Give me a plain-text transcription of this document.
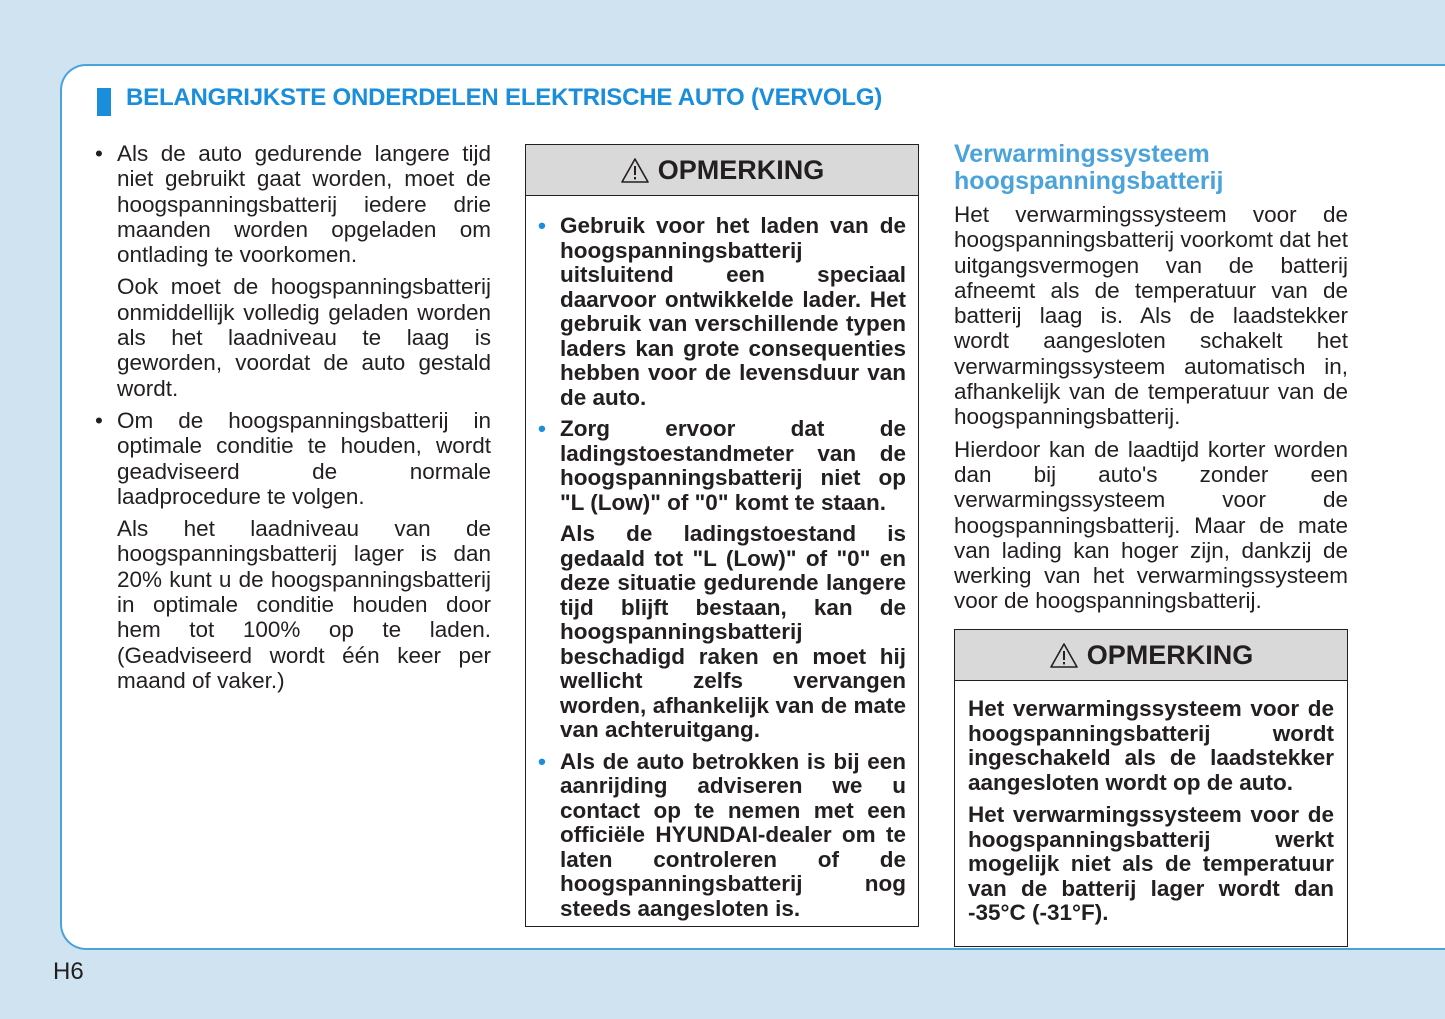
BELANGRIJKSTE ONDERDELEN ELEKTRISCHE AUTO (VERVOLG)

• Als de auto gedurende langere tijd niet gebruikt gaat worden, moet de hoogspanningsbatterij iedere drie maanden worden opgeladen om ontlading te voorkomen.

Ook moet de hoogspanningsbatterij onmiddellijk volledig geladen worden als het laadniveau te laag is geworden, voordat de auto gestald wordt.

• Om de hoogspanningsbatterij in optimale conditie te houden, wordt geadviseerd de normale laadprocedure te volgen.

Als het laadniveau van de hoogspanningsbatterij lager is dan 20% kunt u de hoogspanningsbatterij in optimale conditie houden door hem tot 100% op te laden. (Geadviseerd wordt één keer per maand of vaker.)

OPMERKING

• Gebruik voor het laden van de hoogspanningsbatterij uitsluitend een speciaal daarvoor ontwikkelde lader. Het gebruik van verschillende typen laders kan grote consequenties hebben voor de levensduur van de auto.

• Zorg ervoor dat de ladingstoestandmeter van de hoogspanningsbatterij niet op "L (Low)" of "0" komt te staan.

Als de ladingstoestand is gedaald tot "L (Low)" of "0" en deze situatie gedurende langere tijd blijft bestaan, kan de hoogspanningsbatterij beschadigd raken en moet hij wellicht zelfs vervangen worden, afhankelijk van de mate van achteruitgang.

• Als de auto betrokken is bij een aanrijding adviseren we u contact op te nemen met een officiële HYUNDAI-dealer om te laten controleren of de hoogspanningsbatterij nog steeds aangesloten is.

Verwarmingssysteem hoogspanningsbatterij

Het verwarmingssysteem voor de hoogspanningsbatterij voorkomt dat het uitgangsvermogen van de batterij afneemt als de temperatuur van de batterij laag is. Als de laadstekker wordt aangesloten schakelt het verwarmingssysteem automatisch in, afhankelijk van de temperatuur van de hoogspanningsbatterij.

Hierdoor kan de laadtijd korter worden dan bij auto's zonder een verwarmingssysteem voor de hoogspanningsbatterij. Maar de mate van lading kan hoger zijn, dankzij de werking van het verwarmingssysteem voor de hoogspanningsbatterij.

OPMERKING

Het verwarmingssysteem voor de hoogspanningsbatterij wordt ingeschakeld als de laadstekker aangesloten wordt op de auto.

Het verwarmingssysteem voor de hoogspanningsbatterij werkt mogelijk niet als de temperatuur van de batterij lager wordt dan -35°C (-31°F).

H6
